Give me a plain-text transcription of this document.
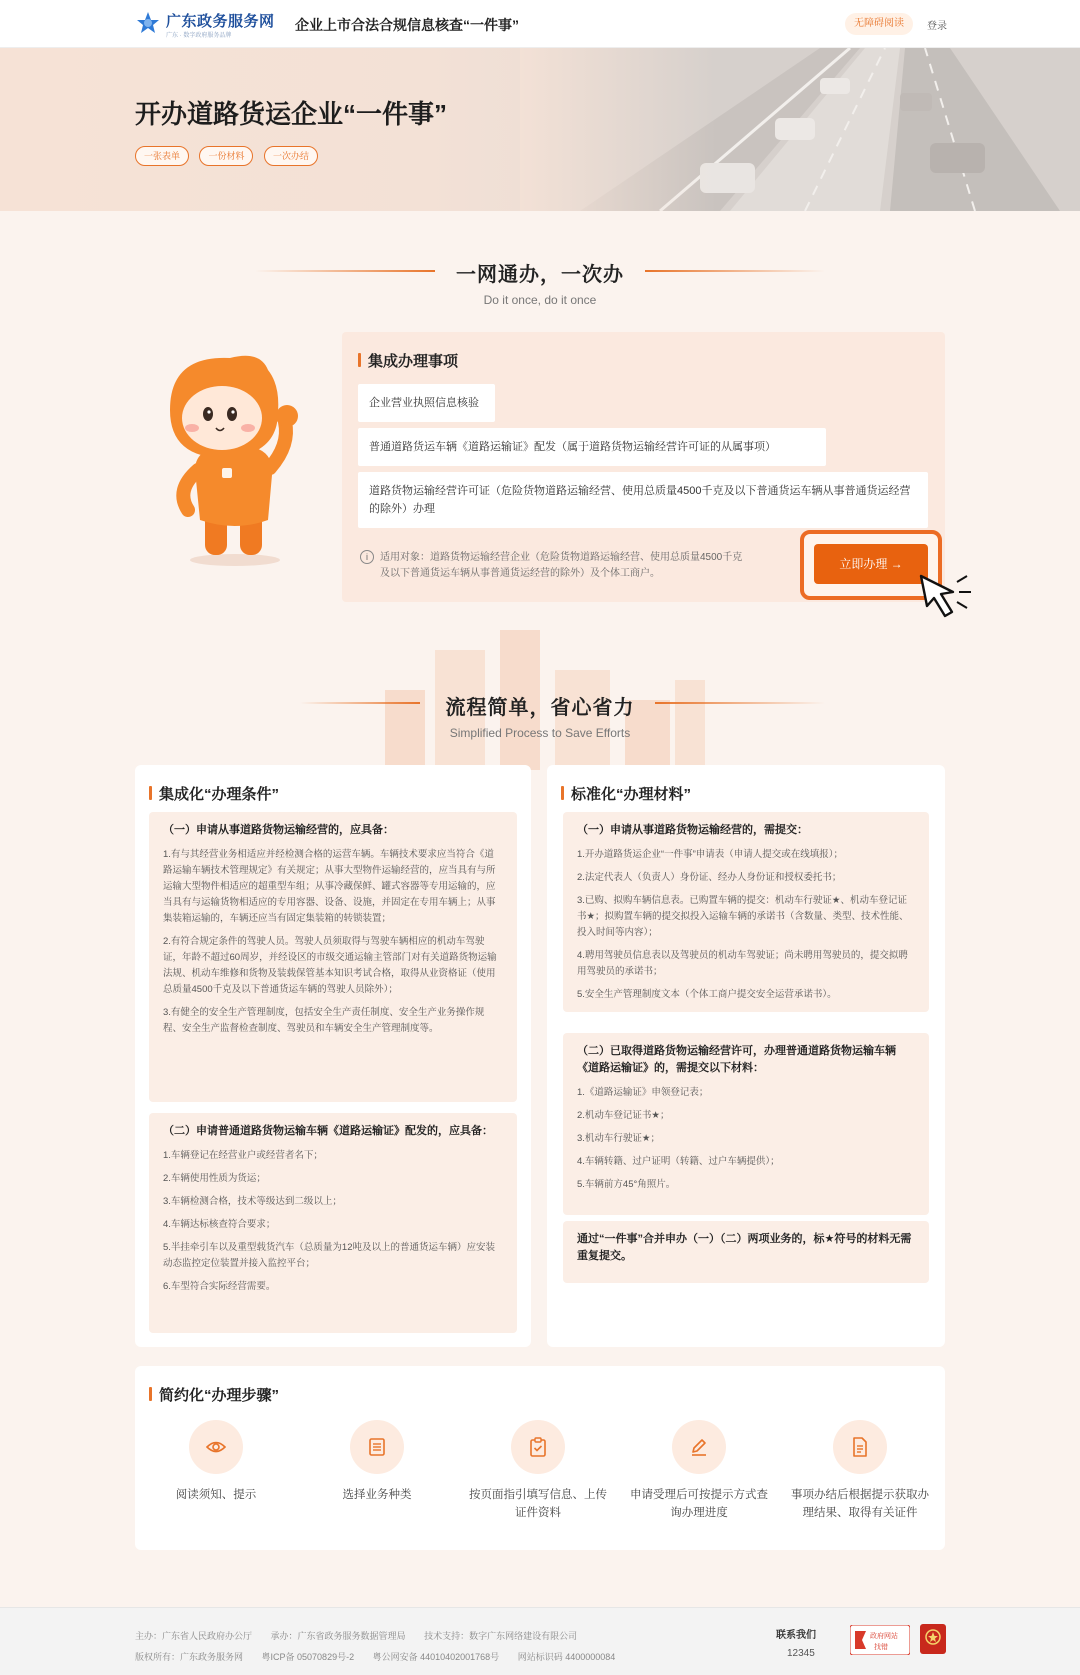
广东政务服务网
广东 · 数字政府服务品牌
企业上市合法合规信息核查“一件事”	无障碍阅读	登录
开办道路货运企业“一件事”
一张表单	一份材料	一次办结
一网通办，一次办
Do it once, do it once
集成办理事项
企业营业执照信息核验
普通道路货运车辆《道路运输证》配发（属于道路货物运输经营许可证的从属事项）
道路货物运输经营许可证（危险货物道路运输经营、使用总质量4500千克及以下普通货运车辆从事普通货运经营的除外）办理
i	适用对象：道路货物运输经营企业（危险货物道路运输经营、使用总质量4500千克及以下普通货运车辆从事普通货运经营的除外）及个体工商户。
立即办理 →
流程简单，省心省力
Simplified Process to Save Efforts
集成化“办理条件”
（一）申请从事道路货物运输经营的，应具备：
1.有与其经营业务相适应并经检测合格的运营车辆。车辆技术要求应当符合《道路运输车辆技术管理规定》有关规定；从事大型物件运输经营的，应当具有与所运输大型物件相适应的超重型车组；从事冷藏保鲜、罐式容器等专用运输的，应当具有与运输货物相适应的专用容器、设备、设施，并固定在专用车辆上；从事集装箱运输的，车辆还应当有固定集装箱的转锁装置；
2.有符合规定条件的驾驶人员。驾驶人员须取得与驾驶车辆相应的机动车驾驶证，年龄不超过60周岁，并经设区的市级交通运输主管部门对有关道路货物运输法规、机动车维修和货物及装载保管基本知识考试合格，取得从业资格证（使用总质量4500千克及以下普通货运车辆的驾驶人员除外）；
3.有健全的安全生产管理制度，包括安全生产责任制度、安全生产业务操作规程、安全生产监督检查制度、驾驶员和车辆安全生产管理制度等。
（二）申请普通道路货物运输车辆《道路运输证》配发的，应具备：
1.车辆登记在经营业户或经营者名下；
2.车辆使用性质为货运；
3.车辆检测合格，技术等级达到二级以上；
4.车辆达标核查符合要求；
5.半挂牵引车以及重型载货汽车（总质量为12吨及以上的普通货运车辆）应安装动态监控定位装置并接入监控平台；
6.车型符合实际经营需要。
标准化“办理材料”
（一）申请从事道路货物运输经营的，需提交：
1.开办道路货运企业“一件事”申请表（申请人提交或在线填报）；
2.法定代表人（负责人）身份证、经办人身份证和授权委托书；
3.已购、拟购车辆信息表。已购置车辆的提交：机动车行驶证★、机动车登记证书★；拟购置车辆的提交拟投入运输车辆的承诺书（含数量、类型、技术性能、投入时间等内容）；
4.聘用驾驶员信息表以及驾驶员的机动车驾驶证；尚未聘用驾驶员的，提交拟聘用驾驶员的承诺书；
5.安全生产管理制度文本（个体工商户提交安全运营承诺书）。
（二）已取得道路货物运输经营许可，办理普通道路货物运输车辆《道路运输证》的，需提交以下材料：
1.《道路运输证》申领登记表；
2.机动车登记证书★；
3.机动车行驶证★；
4.车辆转籍、过户证明（转籍、过户车辆提供）；
5.车辆前方45°角照片。
通过“一件事”合并申办（一）（二）两项业务的，标★符号的材料无需重复提交。
简约化“办理步骤”
阅读须知、提示	选择业务种类	按页面指引填写信息、上传证件资料
申请受理后可按提示方式查询办理进度
事项办结后根据提示获取办理结果、取得有关证件
主办：广东省人民政府办公厅 承办：广东省政务服务数据管理局 技术支持：数字广东网络建设有限公司
版权所有：广东政务服务网 粤ICP备 05070829号-2 粤公网安备 44010402001768号 网站标识码 4400000084
联系我们
12345
政府网站
找错
